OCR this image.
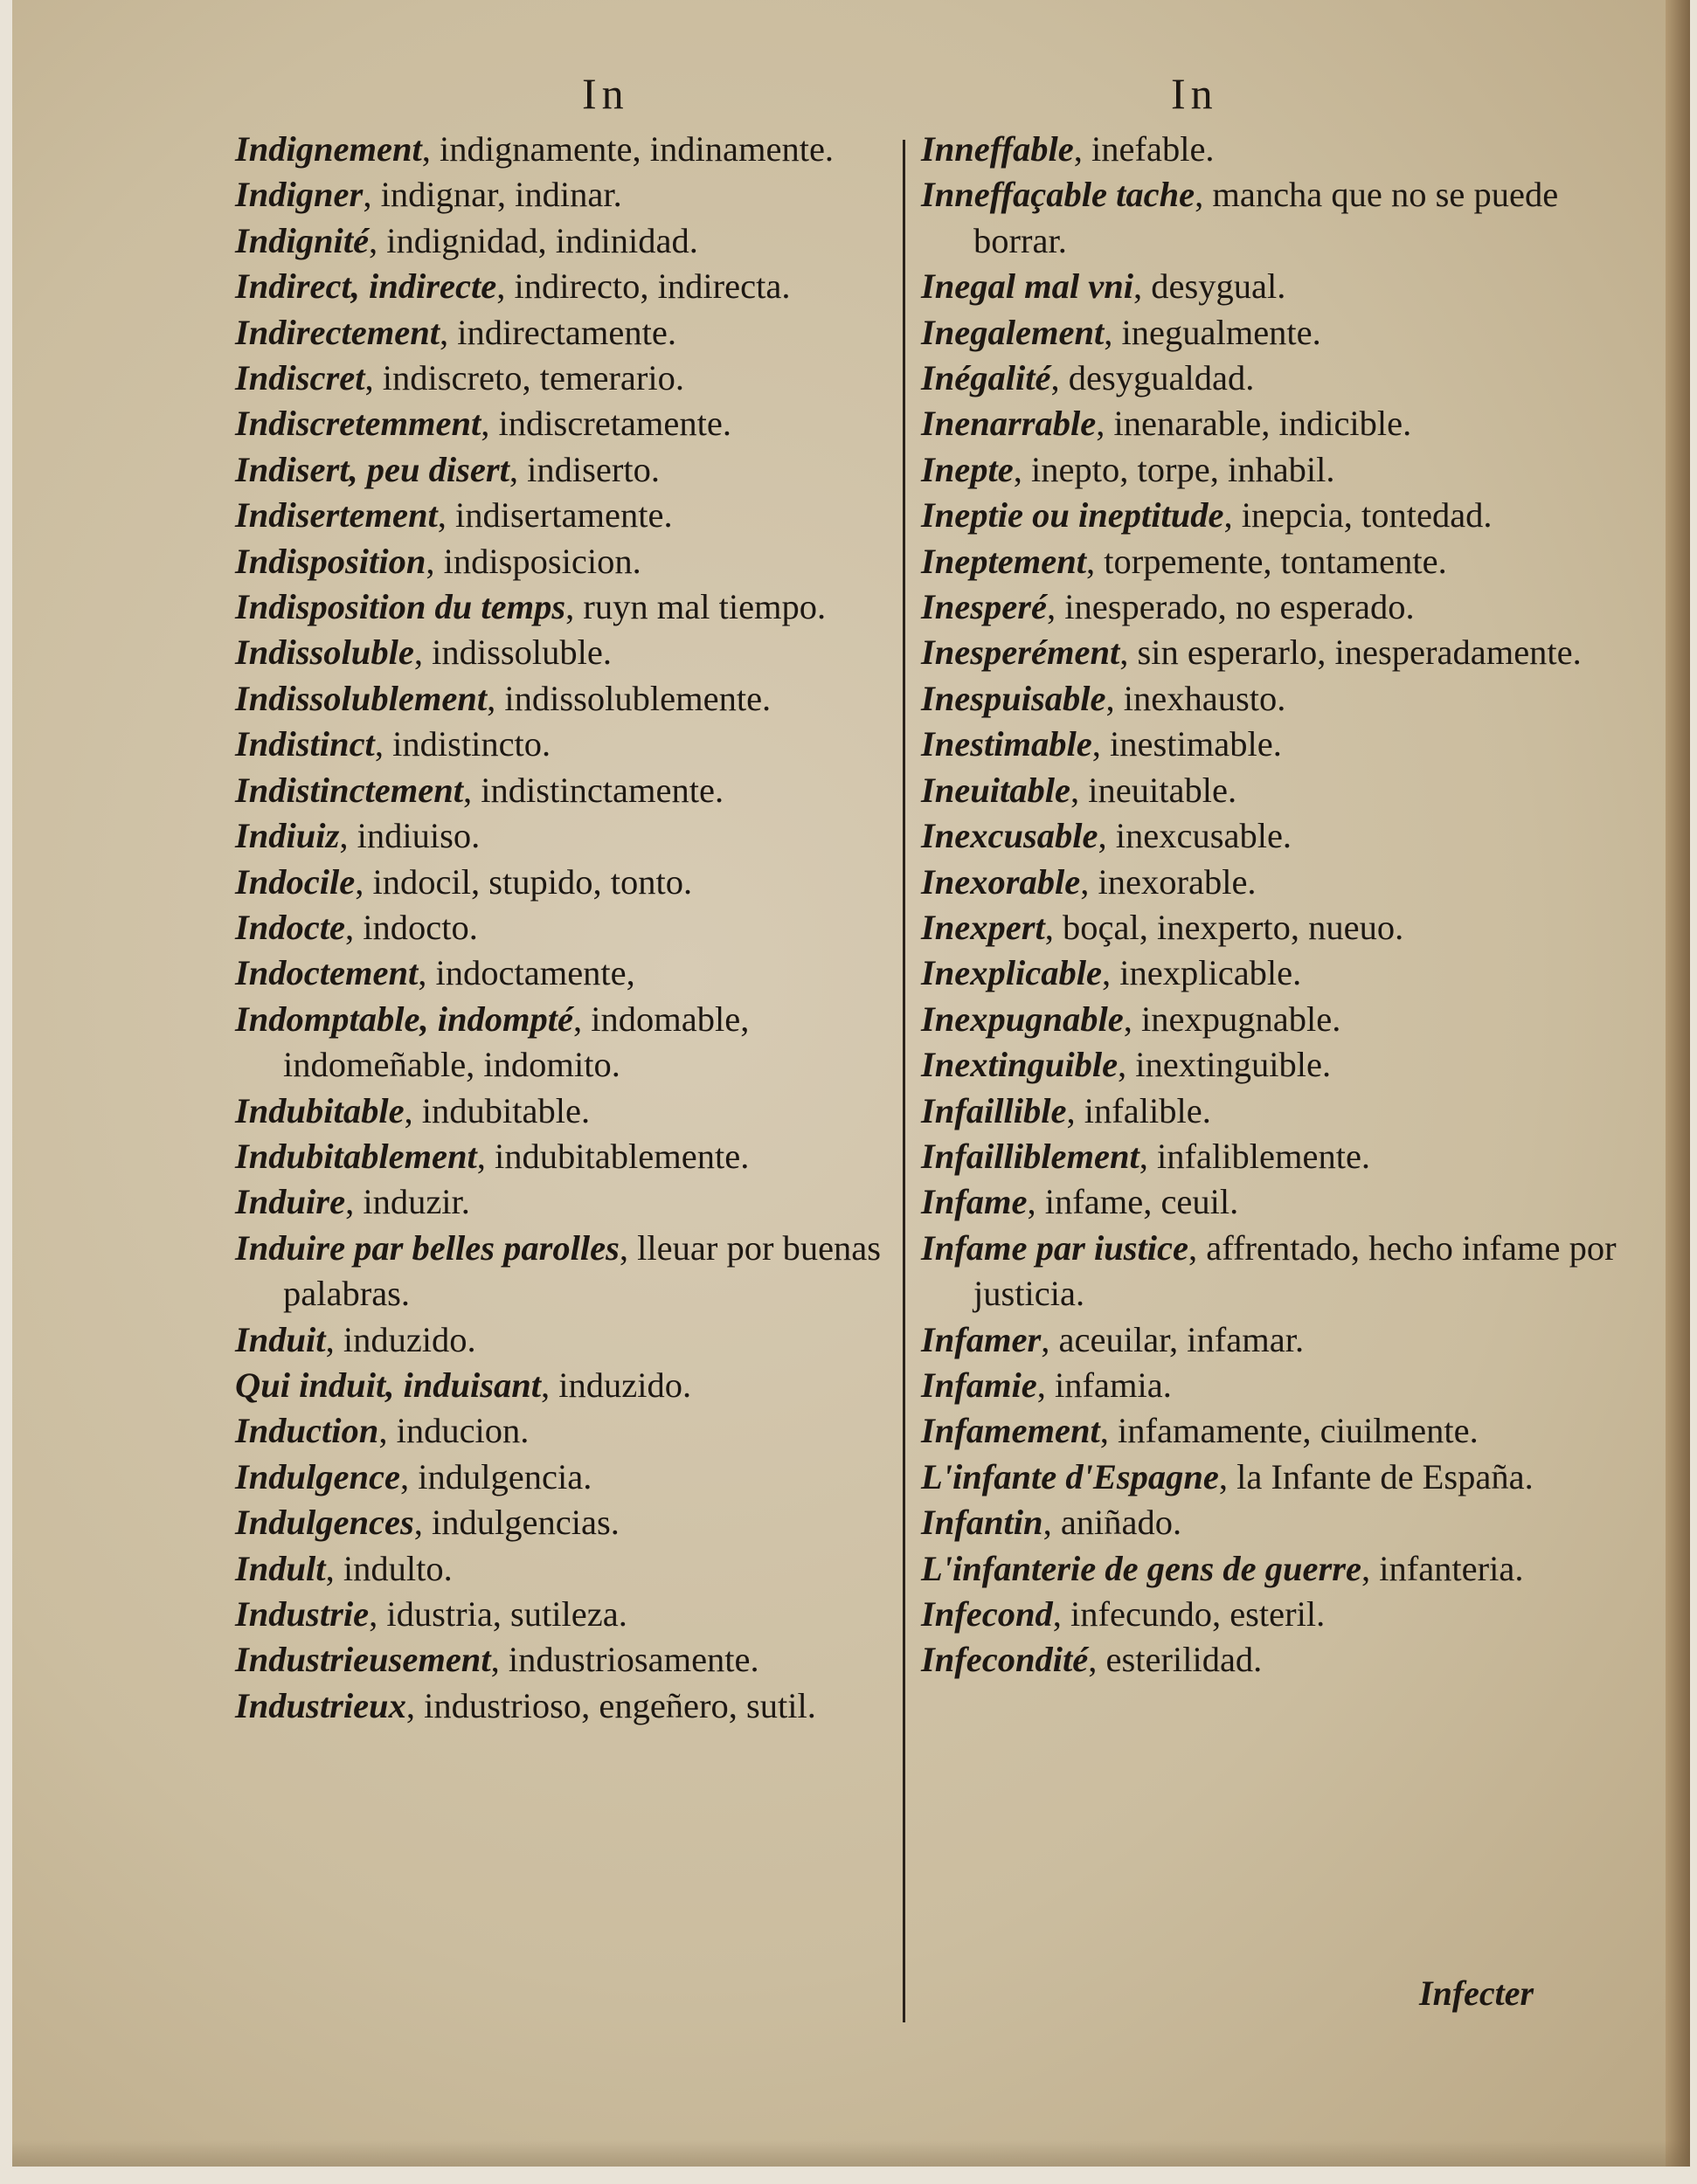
In	In
Indignement, indignamente, indinamente.
Indigner, indignar, indinar.
Indignité, indignidad, indinidad.
Indirect, indirecte, indirecto, indirecta.
Indirectement, indirectamente.
Indiscret, indiscreto, temerario.
Indiscretemment, indiscretamente.
Indisert, peu disert, indiserto.
Indisertement, indisertamente.
Indisposition, indisposicion.
Indisposition du temps, ruyn mal tiempo.
Indissoluble, indissoluble.
Indissolublement, indissolublemente.
Indistinct, indistincto.
Indistinctement, indistinctamente.
Indiuiz, indiuiso.
Indocile, indocil, stupido, tonto.
Indocte, indocto.
Indoctement, indoctamente,
Indomptable, indompté, indomable, indomeñable, indomito.
Indubitable, indubitable.
Indubitablement, indubitablemente.
Induire, induzir.
Induire par belles parolles, lleuar por buenas palabras.
Induit, induzido.
Qui induit, induisant, induzido.
Induction, inducion.
Indulgence, indulgencia.
Indulgences, indulgencias.
Indult, indulto.
Industrie, idustria, sutileza.
Industrieusement, industriosamente.
Industrieux, industrioso, engeñero, sutil.
Inneffable, inefable.
Inneffaçable tache, mancha que no se puede borrar.
Inegal mal vni, desygual.
Inegalement, inegualmente.
Inégalité, desygualdad.
Inenarrable, inenarable, indicible.
Inepte, inepto, torpe, inhabil.
Ineptie ou ineptitude, inepcia, tontedad.
Ineptement, torpemente, tontamente.
Inesperé, inesperado, no esperado.
Inesperément, sin esperarlo, inesperadamente.
Inespuisable, inexhausto.
Inestimable, inestimable.
Ineuitable, ineuitable.
Inexcusable, inexcusable.
Inexorable, inexorable.
Inexpert, boçal, inexperto, nueuo.
Inexplicable, inexplicable.
Inexpugnable, inexpugnable.
Inextinguible, inextinguible.
Infaillible, infalible.
Infailliblement, infaliblemente.
Infame, infame, ceuil.
Infame par iustice, affrentado, hecho infame por justicia.
Infamer, aceuilar, infamar.
Infamie, infamia.
Infamement, infamamente, ciuilmente.
L'infante d'Espagne, la Infante de España.
Infantin, aniñado.
L'infanterie de gens de guerre, infanteria.
Infecond, infecundo, esteril.
Infecondité, esterilidad.
Infecter
